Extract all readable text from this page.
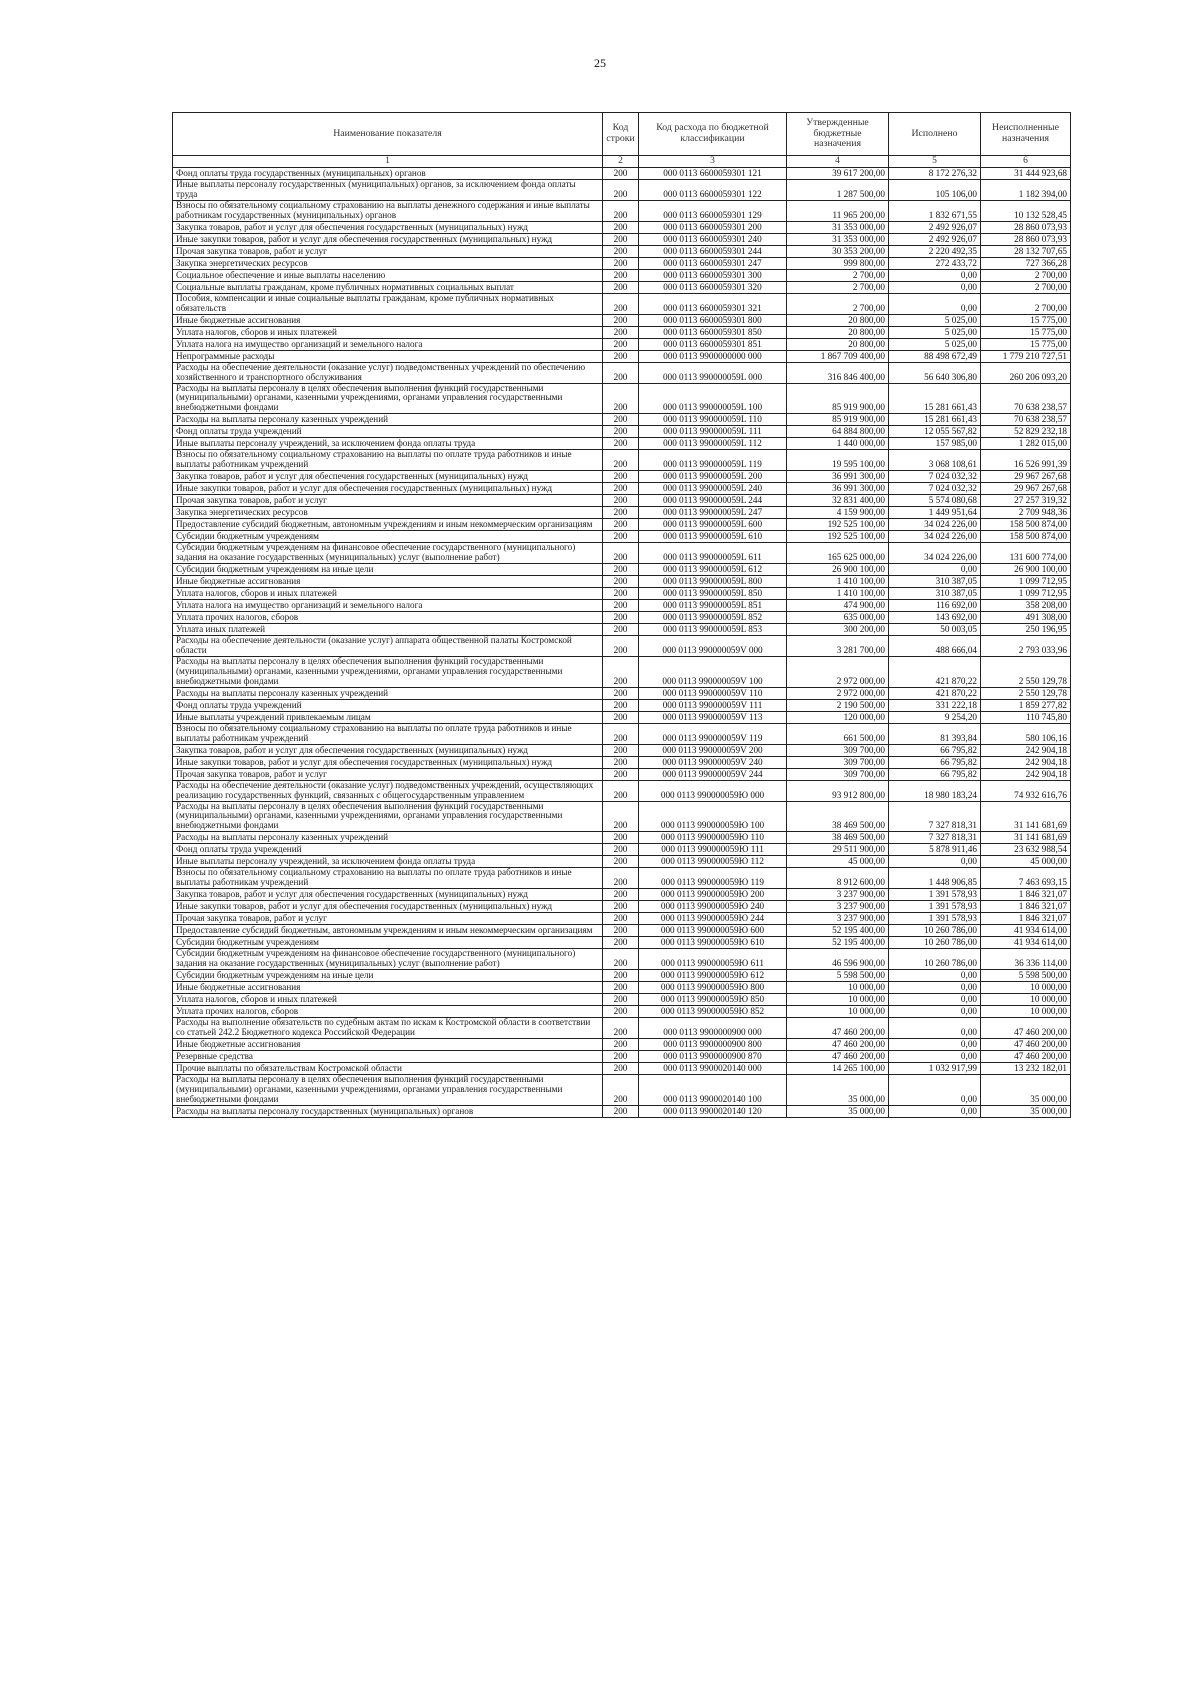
25
Наименование показателя	Код строки	Код расхода по бюджетной классификации	Утвержденные бюджетные назначения	Исполнено	Неисполненные назначения
1	2	3	4	5	6
Фонд оплаты труда государственных (муниципальных) органов	200	000 0113 6600059301 121	39 617 200,00	8 172 276,32	31 444 923,68
Иные выплаты персоналу государственных (муниципальных) органов, за исключением фонда оплаты труда	200	000 0113 6600059301 122	1 287 500,00	105 106,00	1 182 394,00
Взносы по обязательному социальному страхованию на выплаты денежного содержания и иные выплаты работникам государственных (муниципальных) органов	200	000 0113 6600059301 129	11 965 200,00	1 832 671,55	10 132 528,45
Закупка товаров, работ и услуг для обеспечения государственных (муниципальных) нужд	200	000 0113 6600059301 200	31 353 000,00	2 492 926,07	28 860 073,93
Иные закупки товаров, работ и услуг для обеспечения государственных (муниципальных) нужд	200	000 0113 6600059301 240	31 353 000,00	2 492 926,07	28 860 073,93
Прочая закупка товаров, работ и услуг	200	000 0113 6600059301 244	30 353 200,00	2 220 492,35	28 132 707,65
Закупка энергетических ресурсов	200	000 0113 6600059301 247	999 800,00	272 433,72	727 366,28
Социальное обеспечение и иные выплаты населению	200	000 0113 6600059301 300	2 700,00	0,00	2 700,00
Социальные выплаты гражданам, кроме публичных нормативных социальных выплат	200	000 0113 6600059301 320	2 700,00	0,00	2 700,00
Пособия, компенсации и иные социальные выплаты гражданам, кроме публичных нормативных обязательств	200	000 0113 6600059301 321	2 700,00	0,00	2 700,00
Иные бюджетные ассигнования	200	000 0113 6600059301 800	20 800,00	5 025,00	15 775,00
Уплата налогов, сборов и иных платежей	200	000 0113 6600059301 850	20 800,00	5 025,00	15 775,00
Уплата налога на имущество организаций и земельного налога	200	000 0113 6600059301 851	20 800,00	5 025,00	15 775,00
Непрограммные расходы	200	000 0113 9900000000 000	1 867 709 400,00	88 498 672,49	1 779 210 727,51
Расходы на обеспечение деятельности (оказание услуг) подведомственных учреждений по обеспечению хозяйственного и транспортного обслуживания	200	000 0113 990000059L 000	316 846 400,00	56 640 306,80	260 206 093,20
Расходы на выплаты персоналу в целях обеспечения выполнения функций государственными (муниципальными) органами, казенными учреждениями, органами управления государственными внебюджетными фондами	200	000 0113 990000059L 100	85 919 900,00	15 281 661,43	70 638 238,57
Расходы на выплаты персоналу казенных учреждений	200	000 0113 990000059L 110	85 919 900,00	15 281 661,43	70 638 238,57
Фонд оплаты труда учреждений	200	000 0113 990000059L 111	64 884 800,00	12 055 567,82	52 829 232,18
Иные выплаты персоналу учреждений, за исключением фонда оплаты труда	200	000 0113 990000059L 112	1 440 000,00	157 985,00	1 282 015,00
Взносы по обязательному социальному страхованию на выплаты по оплате труда работников и иные выплаты работникам учреждений	200	000 0113 990000059L 119	19 595 100,00	3 068 108,61	16 526 991,39
Закупка товаров, работ и услуг для обеспечения государственных (муниципальных) нужд	200	000 0113 990000059L 200	36 991 300,00	7 024 032,32	29 967 267,68
Иные закупки товаров, работ и услуг для обеспечения государственных (муниципальных) нужд	200	000 0113 990000059L 240	36 991 300,00	7 024 032,32	29 967 267,68
Прочая закупка товаров, работ и услуг	200	000 0113 990000059L 244	32 831 400,00	5 574 080,68	27 257 319,32
Закупка энергетических ресурсов	200	000 0113 990000059L 247	4 159 900,00	1 449 951,64	2 709 948,36
Предоставление субсидий бюджетным, автономным учреждениям и иным некоммерческим организациям	200	000 0113 990000059L 600	192 525 100,00	34 024 226,00	158 500 874,00
Субсидии бюджетным учреждениям	200	000 0113 990000059L 610	192 525 100,00	34 024 226,00	158 500 874,00
Субсидии бюджетным учреждениям на финансовое обеспечение государственного (муниципального) задания на оказание государственных (муниципальных) услуг (выполнение работ)	200	000 0113 990000059L 611	165 625 000,00	34 024 226,00	131 600 774,00
Субсидии бюджетным учреждениям на иные цели	200	000 0113 990000059L 612	26 900 100,00	0,00	26 900 100,00
Иные бюджетные ассигнования	200	000 0113 990000059L 800	1 410 100,00	310 387,05	1 099 712,95
Уплата налогов, сборов и иных платежей	200	000 0113 990000059L 850	1 410 100,00	310 387,05	1 099 712,95
Уплата налога на имущество организаций и земельного налога	200	000 0113 990000059L 851	474 900,00	116 692,00	358 208,00
Уплата прочих налогов, сборов	200	000 0113 990000059L 852	635 000,00	143 692,00	491 308,00
Уплата иных платежей	200	000 0113 990000059L 853	300 200,00	50 003,05	250 196,95
Расходы на обеспечение деятельности (оказание услуг) аппарата общественной палаты Костромской области	200	000 0113 990000059V 000	3 281 700,00	488 666,04	2 793 033,96
Расходы на выплаты персоналу в целях обеспечения выполнения функций государственными (муниципальными) органами, казенными учреждениями, органами управления государственными внебюджетными фондами	200	000 0113 990000059V 100	2 972 000,00	421 870,22	2 550 129,78
Расходы на выплаты персоналу казенных учреждений	200	000 0113 990000059V 110	2 972 000,00	421 870,22	2 550 129,78
Фонд оплаты труда учреждений	200	000 0113 990000059V 111	2 190 500,00	331 222,18	1 859 277,82
Иные выплаты учреждений привлекаемым лицам	200	000 0113 990000059V 113	120 000,00	9 254,20	110 745,80
Взносы по обязательному социальному страхованию на выплаты по оплате труда работников и иные выплаты работникам учреждений	200	000 0113 990000059V 119	661 500,00	81 393,84	580 106,16
Закупка товаров, работ и услуг для обеспечения государственных (муниципальных) нужд	200	000 0113 990000059V 200	309 700,00	66 795,82	242 904,18
Иные закупки товаров, работ и услуг для обеспечения государственных (муниципальных) нужд	200	000 0113 990000059V 240	309 700,00	66 795,82	242 904,18
Прочая закупка товаров, работ и услуг	200	000 0113 990000059V 244	309 700,00	66 795,82	242 904,18
Расходы на обеспечение деятельности (оказание услуг) подведомственных учреждений, осуществляющих реализацию государственных функций, связанных с общегосударственным управлением	200	000 0113 990000059Ю 000	93 912 800,00	18 980 183,24	74 932 616,76
Расходы на выплаты персоналу в целях обеспечения выполнения функций государственными (муниципальными) органами, казенными учреждениями, органами управления государственными внебюджетными фондами	200	000 0113 990000059Ю 100	38 469 500,00	7 327 818,31	31 141 681,69
Расходы на выплаты персоналу казенных учреждений	200	000 0113 990000059Ю 110	38 469 500,00	7 327 818,31	31 141 681,69
Фонд оплаты труда учреждений	200	000 0113 990000059Ю 111	29 511 900,00	5 878 911,46	23 632 988,54
Иные выплаты персоналу учреждений, за исключением фонда оплаты труда	200	000 0113 990000059Ю 112	45 000,00	0,00	45 000,00
Взносы по обязательному социальному страхованию на выплаты по оплате труда работников и иные выплаты работникам учреждений	200	000 0113 990000059Ю 119	8 912 600,00	1 448 906,85	7 463 693,15
Закупка товаров, работ и услуг для обеспечения государственных (муниципальных) нужд	200	000 0113 990000059Ю 200	3 237 900,00	1 391 578,93	1 846 321,07
Иные закупки товаров, работ и услуг для обеспечения государственных (муниципальных) нужд	200	000 0113 990000059Ю 240	3 237 900,00	1 391 578,93	1 846 321,07
Прочая закупка товаров, работ и услуг	200	000 0113 990000059Ю 244	3 237 900,00	1 391 578,93	1 846 321,07
Предоставление субсидий бюджетным, автономным учреждениям и иным некоммерческим организациям	200	000 0113 990000059Ю 600	52 195 400,00	10 260 786,00	41 934 614,00
Субсидии бюджетным учреждениям	200	000 0113 990000059Ю 610	52 195 400,00	10 260 786,00	41 934 614,00
Субсидии бюджетным учреждениям на финансовое обеспечение государственного (муниципального) задания на оказание государственных (муниципальных) услуг (выполнение работ)	200	000 0113 990000059Ю 611	46 596 900,00	10 260 786,00	36 336 114,00
Субсидии бюджетным учреждениям на иные цели	200	000 0113 990000059Ю 612	5 598 500,00	0,00	5 598 500,00
Иные бюджетные ассигнования	200	000 0113 990000059Ю 800	10 000,00	0,00	10 000,00
Уплата налогов, сборов и иных платежей	200	000 0113 990000059Ю 850	10 000,00	0,00	10 000,00
Уплата прочих налогов, сборов	200	000 0113 990000059Ю 852	10 000,00	0,00	10 000,00
Расходы на выполнение обязательств по судебным актам по искам к Костромской области в соответствии со статьей 242.2 Бюджетного кодекса Российской Федерации	200	000 0113 9900000900 000	47 460 200,00	0,00	47 460 200,00
Иные бюджетные ассигнования	200	000 0113 9900000900 800	47 460 200,00	0,00	47 460 200,00
Резервные средства	200	000 0113 9900000900 870	47 460 200,00	0,00	47 460 200,00
Прочие выплаты по обязательствам Костромской области	200	000 0113 9900020140 000	14 265 100,00	1 032 917,99	13 232 182,01
Расходы на выплаты персоналу в целях обеспечения выполнения функций государственными (муниципальными) органами, казенными учреждениями, органами управления государственными внебюджетными фондами	200	000 0113 9900020140 100	35 000,00	0,00	35 000,00
Расходы на выплаты персоналу государственных (муниципальных) органов	200	000 0113 9900020140 120	35 000,00	0,00	35 000,00
